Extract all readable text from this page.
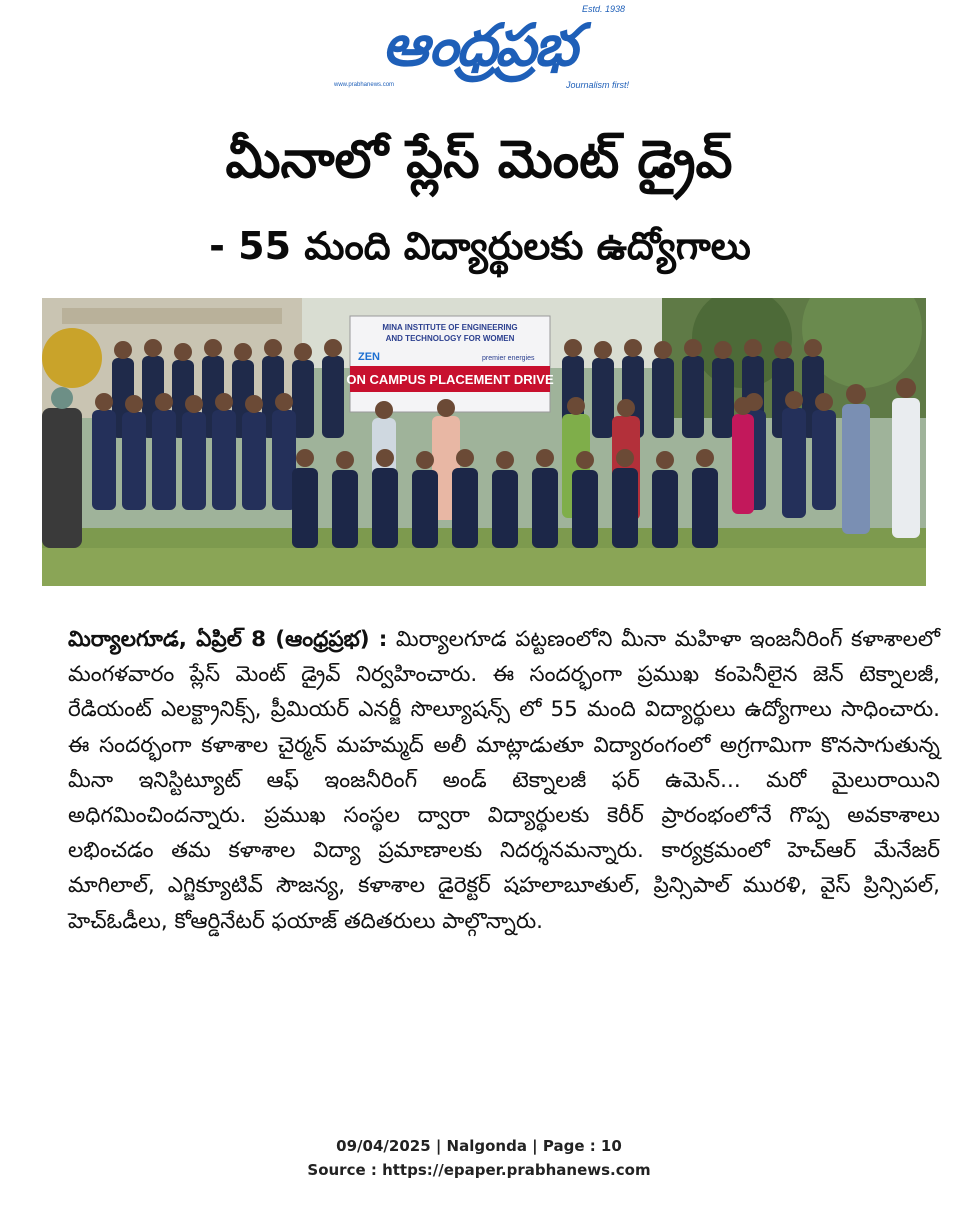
ఆంధ్రప్రభ
Estd. 1938
www.prabhanews.com	Journalism first!
మీనాలో ప్లేస్ మెంట్ డ్రైవ్
- 55 మంది విద్యార్థులకు ఉద్యోగాలు
MINA INSTITUTE OF ENGINEERING
AND TECHNOLOGY FOR WOMEN
ZEN	premier energies
ON CAMPUS PLACEMENT DRIVE
మిర్యాలగూడ, ఏప్రిల్ 8 (ఆంధ్రప్రభ) : మిర్యాలగూడ పట్టణంలోని మీనా మహిళా ఇంజనీరింగ్ కళాశాలలో మంగళవారం ప్లేస్ మెంట్ డ్రైవ్ నిర్వహించారు. ఈ సందర్భంగా ప్రముఖ కంపెనీలైన జెన్ టెక్నాలజీ, రేడియంట్ ఎలక్ట్రానిక్స్, ప్రీమియర్ ఎనర్జీ సొల్యూషన్స్ లో 55 మంది విద్యార్థులు ఉద్యోగాలు సాధించారు. ఈ సందర్భంగా కళాశాల చైర్మన్ మహమ్మద్ అలీ మాట్లాడుతూ విద్యారంగంలో అగ్రగామిగా కొనసాగుతున్న మీనా ఇనిస్టిట్యూట్ ఆఫ్ ఇంజనీరింగ్ అండ్ టెక్నాలజీ ఫర్ ఉమెన్... మరో మైలురాయిని అధిగమించిందన్నారు. ప్రముఖ సంస్థల ద్వారా విద్యార్థులకు కెరీర్ ప్రారంభంలోనే గొప్ప అవకాశాలు లభించడం తమ కళాశాల విద్యా ప్రమాణాలకు నిదర్శనమన్నారు. కార్యక్రమంలో హెచ్ఆర్ మేనేజర్ మాగిలాల్, ఎగ్జిక్యూటివ్ సౌజన్య, కళాశాల డైరెక్టర్ షహలాబూతుల్, ప్రిన్సిపాల్ మురళి, వైస్ ప్రిన్సిపల్, హెచ్ఓడీలు, కోఆర్డినేటర్ ఫయాజ్ తదితరులు పాల్గొన్నారు.
09/04/2025 | Nalgonda | Page : 10
Source : https://epaper.prabhanews.com
